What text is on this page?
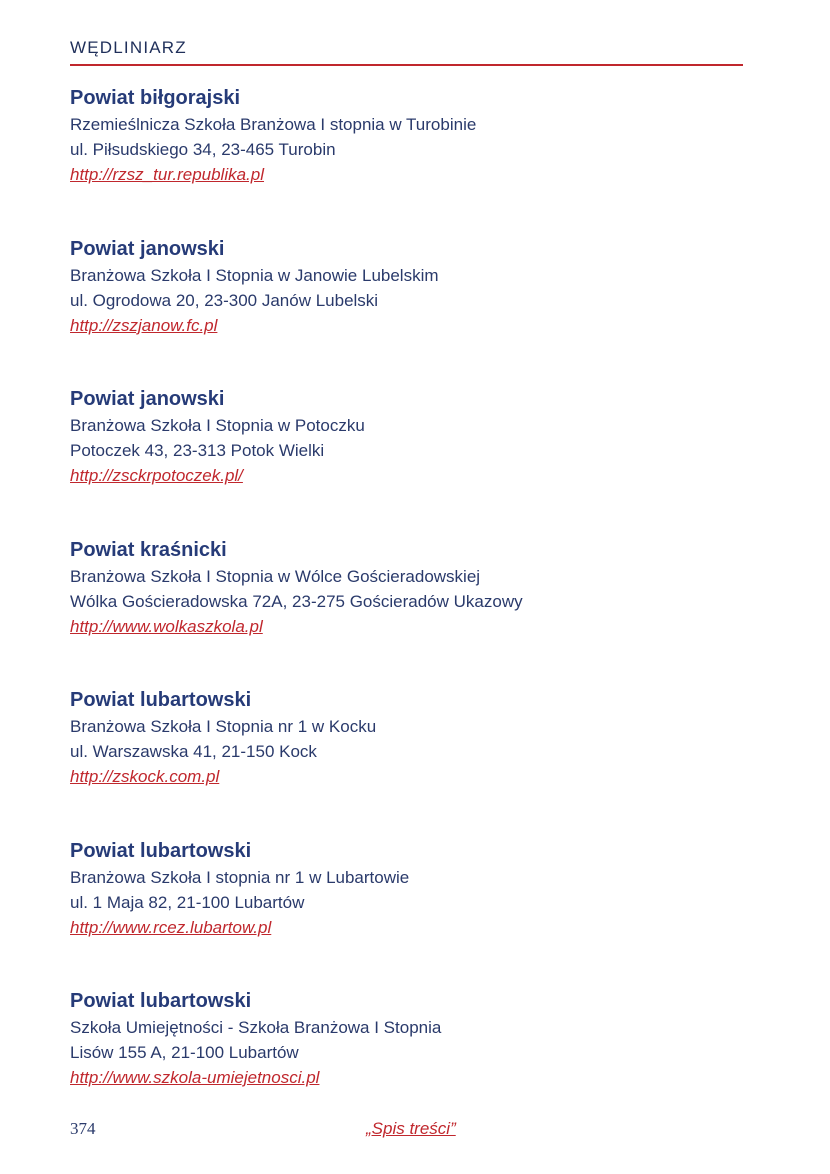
WĘDLINIARZ
Powiat biłgorajski
Rzemieślnicza Szkoła Branżowa I stopnia w Turobinie
ul. Piłsudskiego 34, 23-465 Turobin
http://rzsz_tur.republika.pl
Powiat janowski
Branżowa Szkoła I Stopnia w Janowie Lubelskim
ul. Ogrodowa 20, 23-300 Janów Lubelski
http://zszjanow.fc.pl
Powiat janowski
Branżowa Szkoła I Stopnia w Potoczku
Potoczek 43, 23-313 Potok Wielki
http://zsckrpotoczek.pl/
Powiat kraśnicki
Branżowa Szkoła I Stopnia w Wólce Gościeradowskiej
Wólka Gościeradowska 72A, 23-275 Gościeradów Ukazowy
http://www.wolkaszkola.pl
Powiat lubartowski
Branżowa Szkoła I Stopnia nr 1 w Kocku
ul. Warszawska 41, 21-150 Kock
http://zskock.com.pl
Powiat lubartowski
Branżowa Szkoła I stopnia nr 1 w Lubartowie
ul. 1 Maja 82, 21-100 Lubartów
http://www.rcez.lubartow.pl
Powiat lubartowski
Szkoła Umiejętności - Szkoła Branżowa I Stopnia
Lisów 155 A, 21-100 Lubartów
http://www.szkola-umiejetnosci.pl
374	„Spis treści”
